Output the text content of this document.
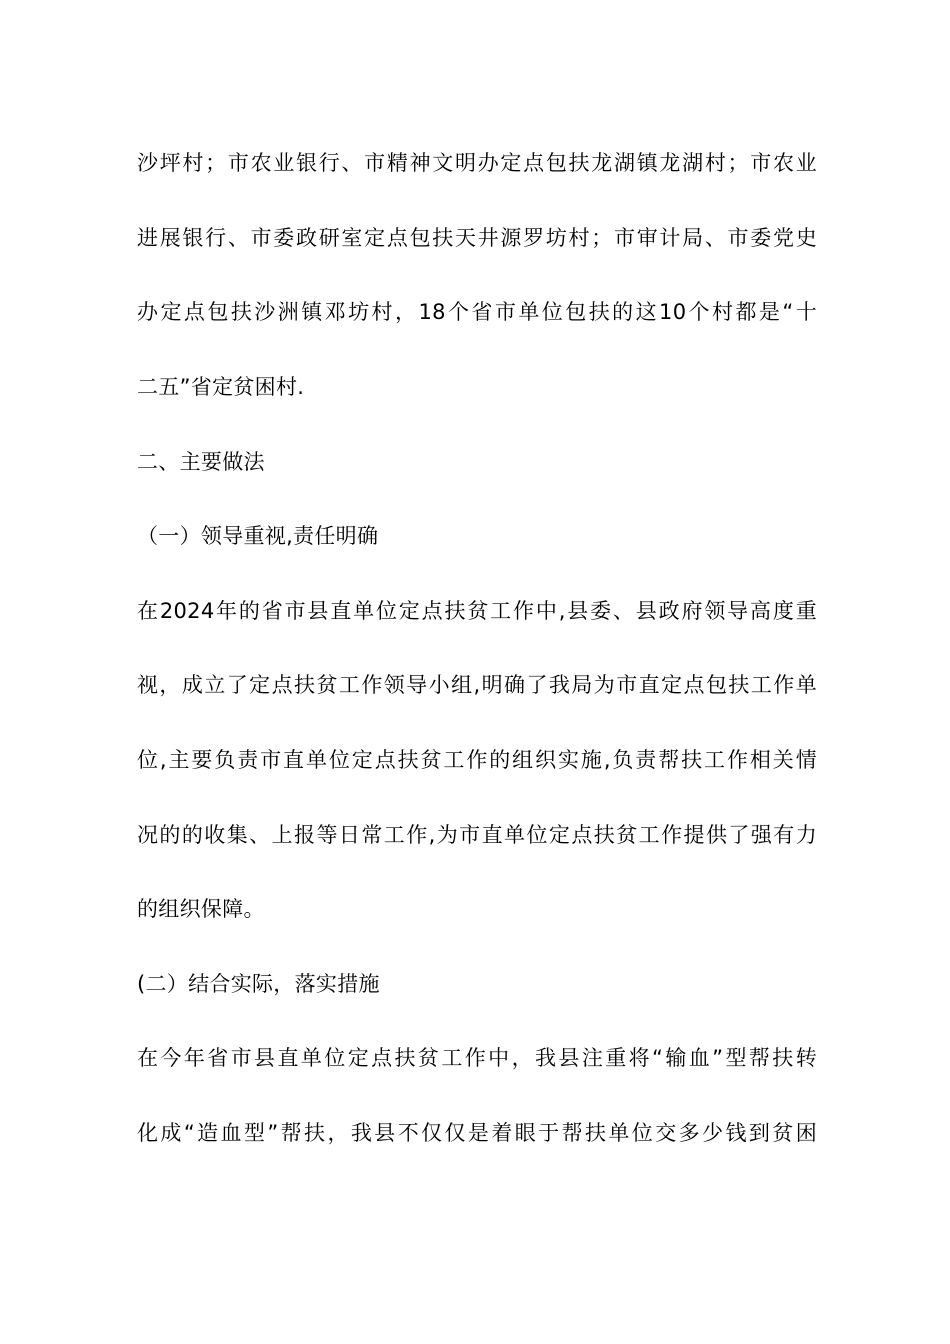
沙坪村；市农业银行、市精神文明办定点包扶龙湖镇龙湖村；市农业
进展银行、市委政研室定点包扶天井源罗坊村；市审计局、市委党史
办定点包扶沙洲镇邓坊村，18个省市单位包扶的这10个村都是“十
二五”省定贫困村.
二、主要做法
（一）领导重视,责任明确
在2024年的省市县直单位定点扶贫工作中,县委、县政府领导高度重
视，成立了定点扶贫工作领导小组,明确了我局为市直定点包扶工作单
位,主要负责市直单位定点扶贫工作的组织实施,负责帮扶工作相关情
况的的收集、上报等日常工作,为市直单位定点扶贫工作提供了强有力
的组织保障。
(二）结合实际，落实措施
在今年省市县直单位定点扶贫工作中，我县注重将“输血”型帮扶转
化成“造血型”帮扶，我县不仅仅是着眼于帮扶单位交多少钱到贫困
